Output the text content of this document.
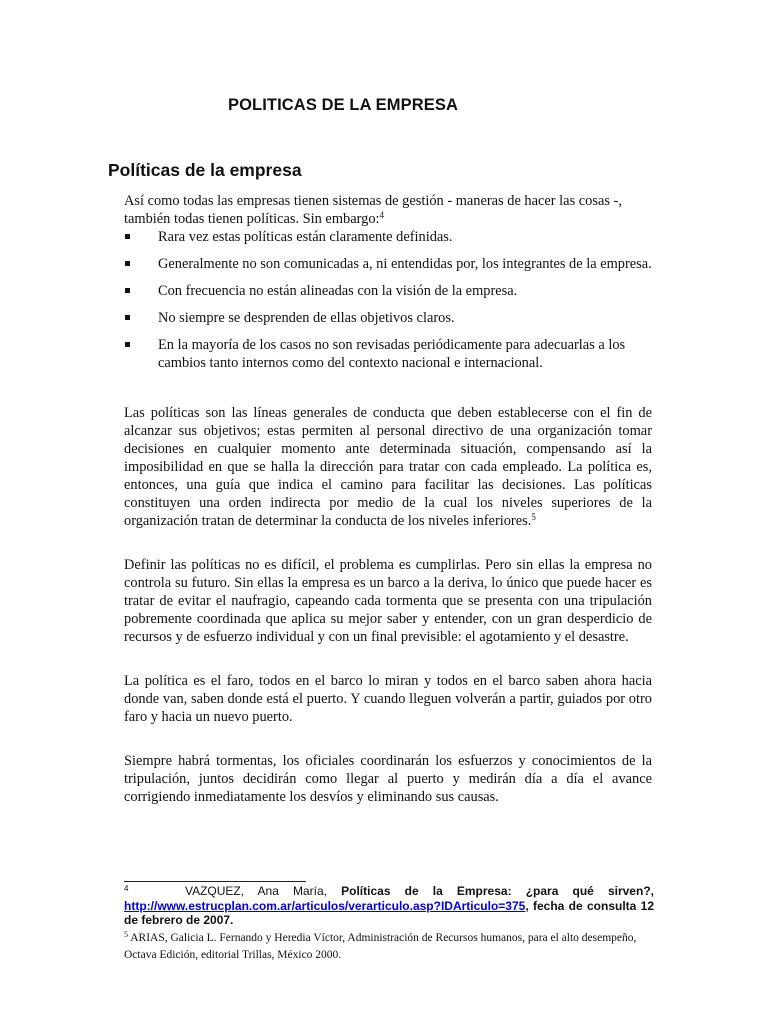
POLITICAS DE LA EMPRESA
Políticas de la empresa

Así como todas las empresas tienen sistemas de gestión - maneras de hacer las cosas -, también todas tienen políticas. Sin embargo:$^4$

Rara vez estas políticas están claramente definidas.
Generalmente no son comunicadas a, ni entendidas por, los integrantes de la empresa.
Con frecuencia no están alineadas con la visión de la empresa.
No siempre se desprenden de ellas objetivos claros.
En la mayoría de los casos no son revisadas periódicamente para adecuarlas a los cambios tanto internos como del contexto nacional e internacional.

Las políticas son las líneas generales de conducta que deben establecerse con el fin de alcanzar sus objetivos; estas permiten al personal directivo de una organización tomar decisiones en cualquier momento ante determinada situación, compensando así la imposibilidad en que se halla la dirección para tratar con cada empleado. La política es, entonces, una guía que indica el camino para facilitar las decisiones. Las políticas constituyen una orden indirecta por medio de la cual los niveles superiores de la organización tratan de determinar la conducta de los niveles inferiores.$^5$

Definir las políticas no es difícil, el problema es cumplirlas. Pero sin ellas la empresa no controla su futuro. Sin ellas la empresa es un barco a la deriva, lo único que puede hacer es tratar de evitar el naufragio, capeando cada tormenta que se presenta con una tripulación pobremente coordinada que aplica su mejor saber y entender, con un gran desperdicio de recursos y de esfuerzo individual y con un final previsible: el agotamiento y el desastre.

La política es el faro, todos en el barco lo miran y todos en el barco saben ahora hacia donde van, saben donde está el puerto. Y cuando lleguen volverán a partir, guiados por otro faro y hacia un nuevo puerto.

Siempre habrá tormentas, los oficiales coordinarán los esfuerzos y conocimientos de la tripulación, juntos decidirán como llegar al puerto y medirán día a día el avance corrigiendo inmediatamente los desvíos y eliminando sus causas.

$^4$	VAZQUEZ, Ana María, Políticas de la Empresa: ¿para qué sirven?, http://www.estrucplan.com.ar/articulos/verarticulo.asp?IDArticulo=375, fecha de consulta 12 de febrero de 2007.

$^5$ ARIAS, Galicia L. Fernando y Heredia Víctor, Administración de Recursos humanos, para el alto desempeño, Octava Edición, editorial Trillas, México 2000.
